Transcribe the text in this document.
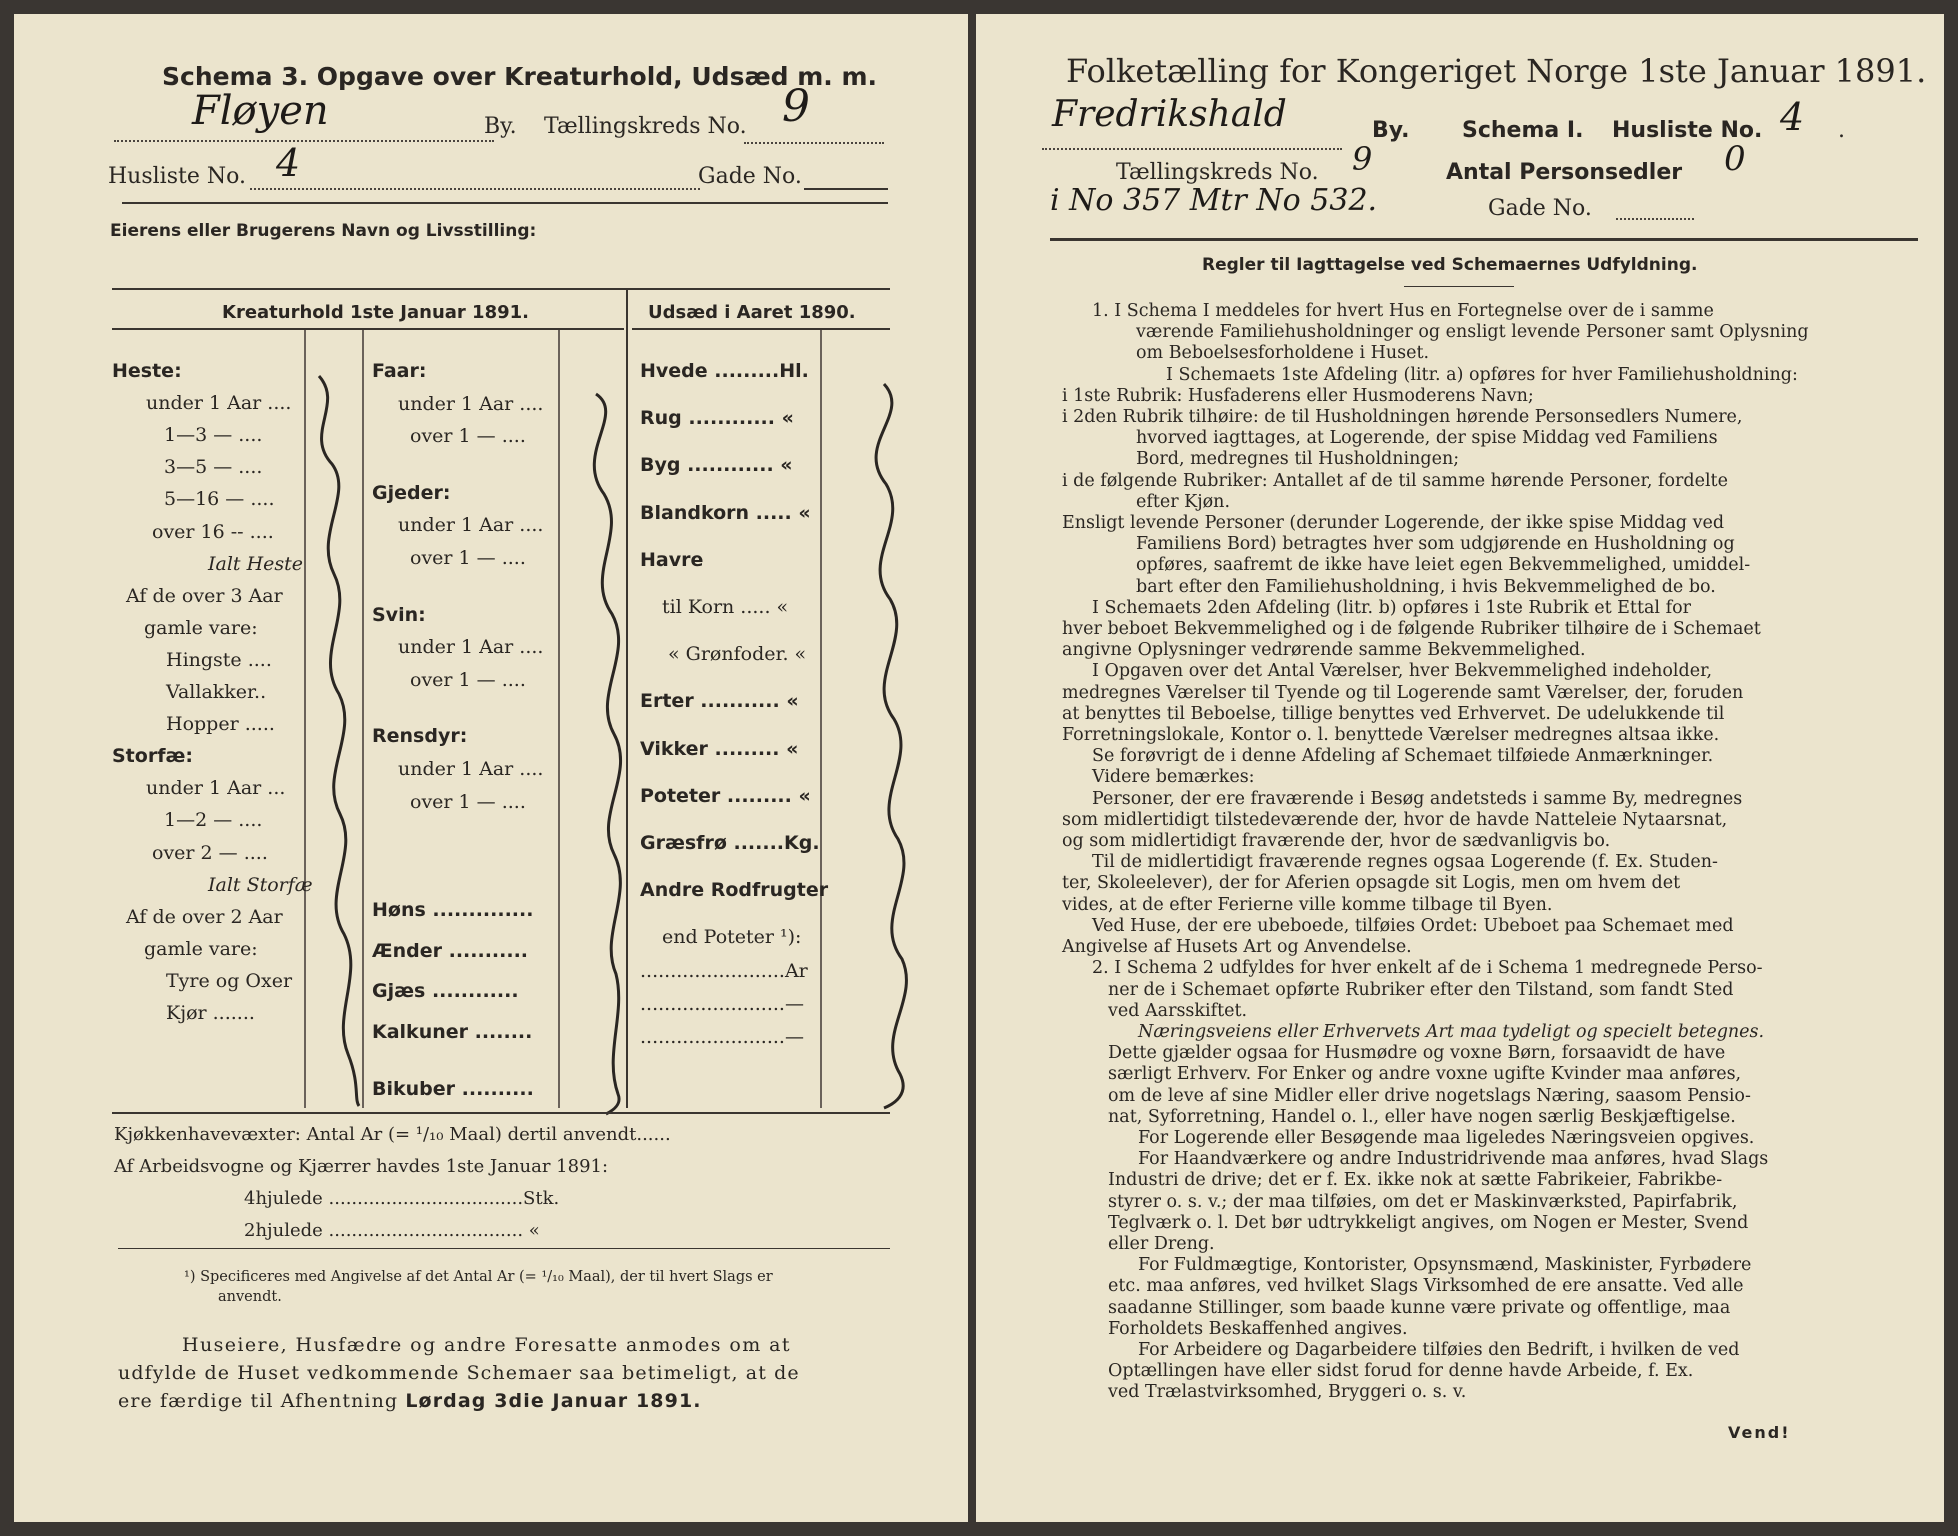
Schema 3. Opgave over Kreaturhold, Udsæd m. m.
Fløyen	By. Tællingskreds No. 9
Husliste No. 4	Gade No.
Eierens eller Brugerens Navn og Livsstilling:
Kreaturhold 1ste Januar 1891.	Udsæd i Aaret 1890.
Heste:
under 1 Aar ....
1—3 — ....
3—5 — ....
5—16 — ....
over 16 -- ....
Ialt Heste
Af de over 3 Aar
gamle vare:
Hingste ....
Vallakker..
Hopper .....
Storfæ:
under 1 Aar ...
1—2 — ....
over 2 — ....
Ialt Storfæ
Af de over 2 Aar
gamle vare:
Tyre og Oxer
Kjør .......
Faar:
under 1 Aar ....
over 1 — ....
Gjeder:
under 1 Aar ....
over 1 — ....
Svin:
under 1 Aar ....
over 1 — ....
Rensdyr:
under 1 Aar ....
over 1 — ....
Høns ..............
Ænder ...........
Gjæs ............
Kalkuner ........
Bikuber ..........
Hvede .........Hl.
Rug ............ «
Byg ............ «
Blandkorn ..... «
Havre
til Korn ..... «
« Grønfoder. «
Erter ........... «
Vikker ......... «
Poteter ......... «
Græsfrø .......Kg.
Andre Rodfrugter
end Poteter ¹):
........................Ar
........................—
........................—
Kjøkkenhavevæxter: Antal Ar (= ¹/₁₀ Maal) dertil anvendt......
Af Arbeidsvogne og Kjærrer havdes 1ste Januar 1891:
4hjulede ..................................Stk.
2hjulede .................................. «
¹) Specificeres med Angivelse af det Antal Ar (= ¹/₁₀ Maal), der til hvert Slags er
anvendt.
Huseiere, Husfædre og andre Foresatte anmodes om at
udfylde de Huset vedkommende Schemaer saa betimeligt, at de
ere færdige til Afhentning Lørdag 3die Januar 1891.
Folketælling for Kongeriget Norge 1ste Januar 1891.
Fredrikshald	By. Schema I. Husliste No. 4 .
Tællingskreds No. 9	Antal Personsedler 0
i No 357 Mtr No 532.	Gade No.
Regler til Iagttagelse ved Schemaernes Udfyldning.

1. I Schema I meddeles for hvert Hus en Fortegnelse over de i samme

værende Familiehusholdninger og ensligt levende Personer samt Oplysning

om Beboelsesforholdene i Huset.

I Schemaets 1ste Afdeling (litr. a) opføres for hver Familiehusholdning:

i 1ste Rubrik: Husfaderens eller Husmoderens Navn;

i 2den Rubrik tilhøire: de til Husholdningen hørende Personsedlers Numere,

hvorved iagttages, at Logerende, der spise Middag ved Familiens

Bord, medregnes til Husholdningen;

i de følgende Rubriker: Antallet af de til samme hørende Personer, fordelte

efter Kjøn.

Ensligt levende Personer (derunder Logerende, der ikke spise Middag ved

Familiens Bord) betragtes hver som udgjørende en Husholdning og

opføres, saafremt de ikke have leiet egen Bekvemmelighed, umiddel-

bart efter den Familiehusholdning, i hvis Bekvemmelighed de bo.

I Schemaets 2den Afdeling (litr. b) opføres i 1ste Rubrik et Ettal for

hver beboet Bekvemmelighed og i de følgende Rubriker tilhøire de i Schemaet

angivne Oplysninger vedrørende samme Bekvemmelighed.

I Opgaven over det Antal Værelser, hver Bekvemmelighed indeholder,

medregnes Værelser til Tyende og til Logerende samt Værelser, der, foruden

at benyttes til Beboelse, tillige benyttes ved Erhvervet. De udelukkende til

Forretningslokale, Kontor o. l. benyttede Værelser medregnes altsaa ikke.

Se forøvrigt de i denne Afdeling af Schemaet tilføiede Anmærkninger.

Videre bemærkes:

Personer, der ere fraværende i Besøg andetsteds i samme By, medregnes

som midlertidigt tilstedeværende der, hvor de havde Natteleie Nytaarsnat,

og som midlertidigt fraværende der, hvor de sædvanligvis bo.

Til de midlertidigt fraværende regnes ogsaa Logerende (f. Ex. Studen-

ter, Skoleelever), der for Aferien opsagde sit Logis, men om hvem det

vides, at de efter Ferierne ville komme tilbage til Byen.

Ved Huse, der ere ubeboede, tilføies Ordet: Ubeboet paa Schemaet med

Angivelse af Husets Art og Anvendelse.

2. I Schema 2 udfyldes for hver enkelt af de i Schema 1 medregnede Perso-

ner de i Schemaet opførte Rubriker efter den Tilstand, som fandt Sted

ved Aarsskiftet.

Næringsveiens eller Erhvervets Art maa tydeligt og specielt betegnes.

Dette gjælder ogsaa for Husmødre og voxne Børn, forsaavidt de have

særligt Erhverv. For Enker og andre voxne ugifte Kvinder maa anføres,

om de leve af sine Midler eller drive nogetslags Næring, saasom Pensio-

nat, Syforretning, Handel o. l., eller have nogen særlig Beskjæftigelse.

For Logerende eller Besøgende maa ligeledes Næringsveien opgives.

For Haandværkere og andre Industridrivende maa anføres, hvad Slags

Industri de drive; det er f. Ex. ikke nok at sætte Fabrikeier, Fabrikbe-

styrer o. s. v.; der maa tilføies, om det er Maskinværksted, Papirfabrik,

Teglværk o. l. Det bør udtrykkeligt angives, om Nogen er Mester, Svend

eller Dreng.

For Fuldmægtige, Kontorister, Opsynsmænd, Maskinister, Fyrbødere

etc. maa anføres, ved hvilket Slags Virksomhed de ere ansatte. Ved alle

saadanne Stillinger, som baade kunne være private og offentlige, maa

Forholdets Beskaffenhed angives.

For Arbeidere og Dagarbeidere tilføies den Bedrift, i hvilken de ved

Optællingen have eller sidst forud for denne havde Arbeide, f. Ex.

ved Trælastvirksomhed, Bryggeri o. s. v.

Vend!
